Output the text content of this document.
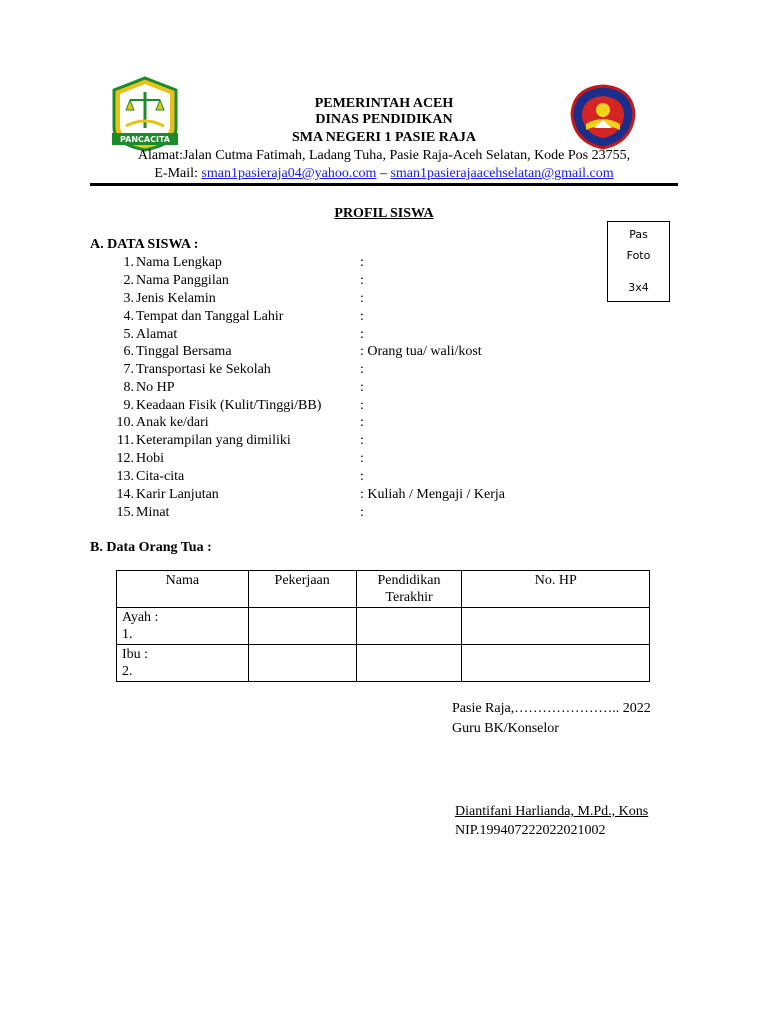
PANCACITA
PEMERINTAH ACEH
DINAS PENDIDIKAN
SMA NEGERI 1 PASIE RAJA
Alamat:Jalan Cutma Fatimah, Ladang Tuha, Pasie Raja-Aceh Selatan, Kode Pos 23755,
E-Mail: sman1pasieraja04@yahoo.com – sman1pasierajaacehselatan@gmail.com
PROFIL SISWA
Pas
Foto
3x4
A. DATA SISWA :
1. Nama Lengkap	:
2. Nama Panggilan	:
3. Jenis Kelamin	:
4. Tempat dan Tanggal Lahir	:
5. Alamat	:
6. Tinggal Bersama	: Orang tua/ wali/kost
7. Transportasi ke Sekolah	:
8. No HP	:
9. Keadaan Fisik (Kulit/Tinggi/BB)	:
10. Anak ke/dari	:
11. Keterampilan yang dimiliki	:
12. Hobi	:
13. Cita-cita	:
14. Karir Lanjutan	: Kuliah / Mengaji / Kerja
15. Minat	:
B. Data Orang Tua :
Nama	Pekerjaan	Pendidikan Terakhir	No. HP

Ayah :
1.			

Ibu :
2.			

Pasie Raja,………………….. 2022
Guru BK/Konselor
Diantifani Harlianda, M.Pd., Kons
NIP.199407222022021002
